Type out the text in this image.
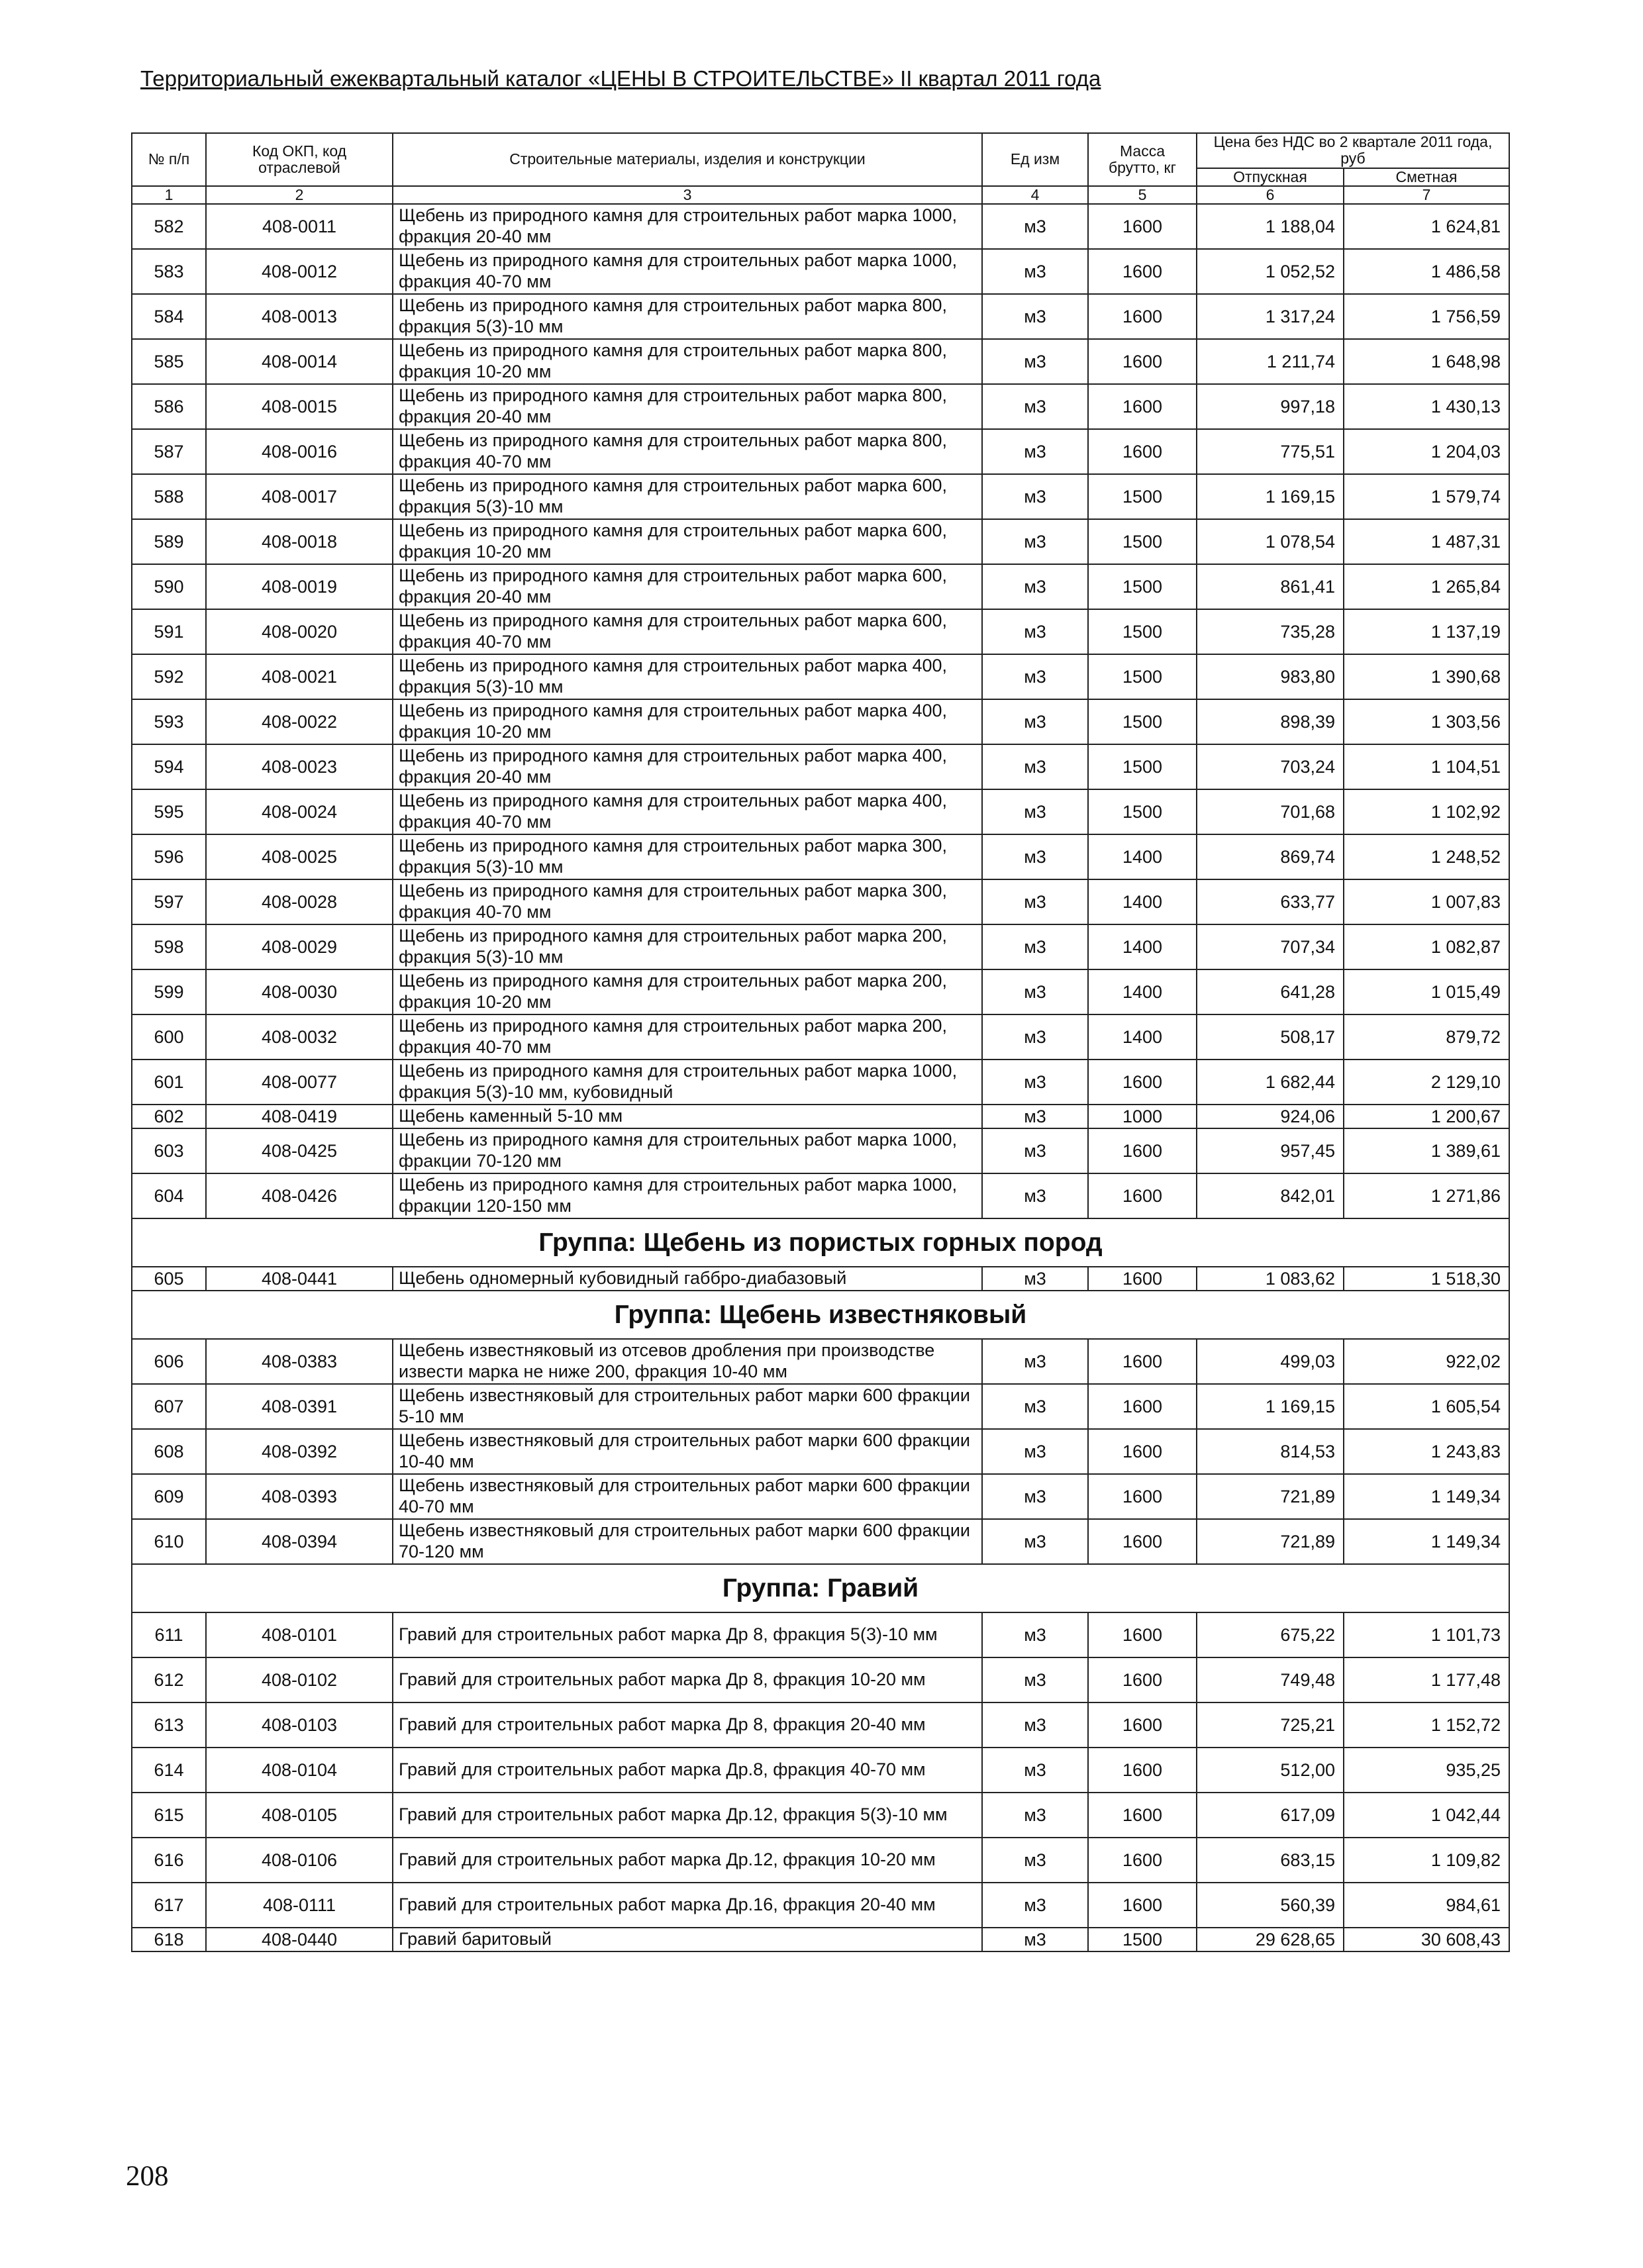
Территориальный ежеквартальный каталог «ЦЕНЫ В СТРОИТЕЛЬСТВЕ» II квартал 2011 года
№ п/п	Код ОКП, код отраслевой	Строительные материалы, изделия и конструкции	Ед изм	Масса брутто, кг	Цена без НДС во 2 квартале 2011 года, руб	
					Отпускная	Сметная
1	2	3	4	5	6	7
582	408-0011	Щебень из природного камня для строительных работ марка 1000, фракция 20-40 мм	м3	1600	1 188,04	1 624,81
583	408-0012	Щебень из природного камня для строительных работ марка 1000, фракция 40-70 мм	м3	1600	1 052,52	1 486,58
584	408-0013	Щебень из природного камня для строительных работ марка 800, фракция 5(3)-10 мм	м3	1600	1 317,24	1 756,59
585	408-0014	Щебень из природного камня для строительных работ марка 800, фракция 10-20 мм	м3	1600	1 211,74	1 648,98
586	408-0015	Щебень из природного камня для строительных работ марка 800, фракция 20-40 мм	м3	1600	997,18	1 430,13
587	408-0016	Щебень из природного камня для строительных работ марка 800, фракция 40-70 мм	м3	1600	775,51	1 204,03
588	408-0017	Щебень из природного камня для строительных работ марка 600, фракция 5(3)-10 мм	м3	1500	1 169,15	1 579,74
589	408-0018	Щебень из природного камня для строительных работ марка 600, фракция 10-20 мм	м3	1500	1 078,54	1 487,31
590	408-0019	Щебень из природного камня для строительных работ марка 600, фракция 20-40 мм	м3	1500	861,41	1 265,84
591	408-0020	Щебень из природного камня для строительных работ марка 600, фракция 40-70 мм	м3	1500	735,28	1 137,19
592	408-0021	Щебень из природного камня для строительных работ марка 400, фракция 5(3)-10 мм	м3	1500	983,80	1 390,68
593	408-0022	Щебень из природного камня для строительных работ марка 400, фракция 10-20 мм	м3	1500	898,39	1 303,56
594	408-0023	Щебень из природного камня для строительных работ марка 400, фракция 20-40 мм	м3	1500	703,24	1 104,51
595	408-0024	Щебень из природного камня для строительных работ марка 400, фракция 40-70 мм	м3	1500	701,68	1 102,92
596	408-0025	Щебень из природного камня для строительных работ марка 300, фракция 5(3)-10 мм	м3	1400	869,74	1 248,52
597	408-0028	Щебень из природного камня для строительных работ марка 300, фракция 40-70 мм	м3	1400	633,77	1 007,83
598	408-0029	Щебень из природного камня для строительных работ марка 200, фракция 5(3)-10 мм	м3	1400	707,34	1 082,87
599	408-0030	Щебень из природного камня для строительных работ марка 200, фракция 10-20 мм	м3	1400	641,28	1 015,49
600	408-0032	Щебень из природного камня для строительных работ марка 200, фракция 40-70 мм	м3	1400	508,17	879,72
601	408-0077	Щебень из природного камня для строительных работ марка 1000, фракция 5(3)-10 мм, кубовидный	м3	1600	1 682,44	2 129,10
602	408-0419	Щебень каменный 5-10 мм	м3	1000	924,06	1 200,67
603	408-0425	Щебень из природного камня для строительных работ марка 1000, фракции 70-120 мм	м3	1600	957,45	1 389,61
604	408-0426	Щебень из природного камня для строительных работ марка 1000, фракции 120-150 мм	м3	1600	842,01	1 271,86
Группа: Щебень из пористых горных пород						
605	408-0441	Щебень одномерный кубовидный габбро-диабазовый	м3	1600	1 083,62	1 518,30
Группа: Щебень известняковый						
606	408-0383	Щебень известняковый из отсевов дробления при производстве извести марка не ниже 200, фракция 10-40 мм	м3	1600	499,03	922,02
607	408-0391	Щебень известняковый для строительных работ марки 600 фракции 5-10 мм	м3	1600	1 169,15	1 605,54
608	408-0392	Щебень известняковый для строительных работ марки 600 фракции 10-40 мм	м3	1600	814,53	1 243,83
609	408-0393	Щебень известняковый для строительных работ марки 600 фракции 40-70 мм	м3	1600	721,89	1 149,34
610	408-0394	Щебень известняковый для строительных работ марки 600 фракции 70-120 мм	м3	1600	721,89	1 149,34
Группа: Гравий						
611	408-0101	Гравий для строительных работ марка Др 8, фракция 5(3)-10 мм	м3	1600	675,22	1 101,73
612	408-0102	Гравий для строительных работ марка Др 8, фракция 10-20 мм	м3	1600	749,48	1 177,48
613	408-0103	Гравий для строительных работ марка Др 8, фракция 20-40 мм	м3	1600	725,21	1 152,72
614	408-0104	Гравий для строительных работ марка Др.8, фракция 40-70 мм	м3	1600	512,00	935,25
615	408-0105	Гравий для строительных работ марка Др.12, фракция 5(3)-10 мм	м3	1600	617,09	1 042,44
616	408-0106	Гравий для строительных работ марка Др.12, фракция 10-20 мм	м3	1600	683,15	1 109,82
617	408-0111	Гравий для строительных работ марка Др.16, фракция 20-40 мм	м3	1600	560,39	984,61
618	408-0440	Гравий баритовый	м3	1500	29 628,65	30 608,43
208
